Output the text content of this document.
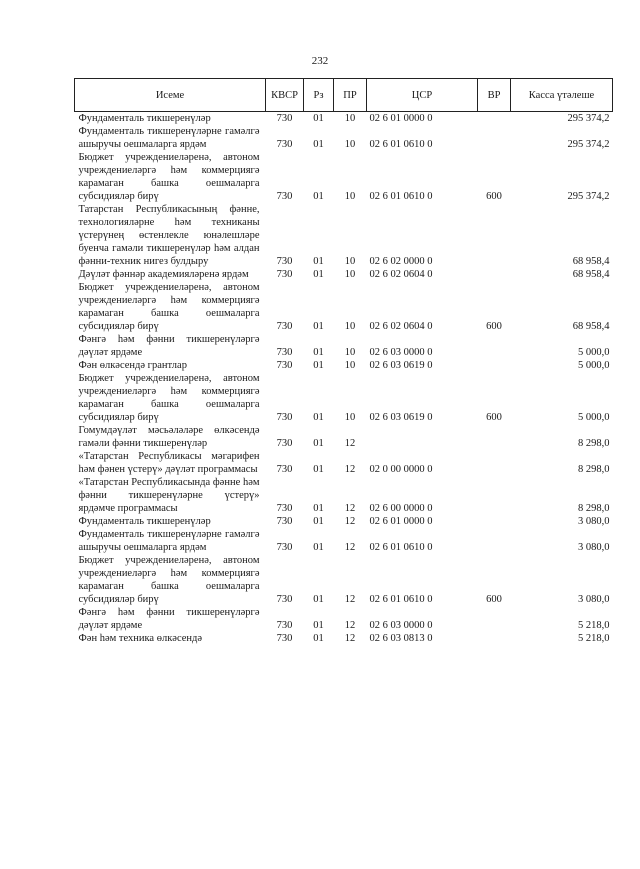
232
Исеме	КВСР	Рз	ПР	ЦСР	ВР	Касса үтәлеше
Фундаменталь тикшеренүләр	730	01	10	02 6 01 0000 0		295 374,2
Фундаменталь тикшеренүләрне гамәлгә ашыручы оешмаларга ярдәм	730	01	10	02 6 01 0610 0		295 374,2
Бюджет учреждениеләренә, автоном учреждениеләргә һәм коммерциягә карамаган башка оешмаларга субсидияләр бирү	730	01	10	02 6 01 0610 0	600	295 374,2
Татарстан Республикасының фәнне, технологияләрне һәм техниканы үстерүнең өстенлекле юнәлешләре буенча гамәли тикшеренүләр һәм алдан фәнни-техник нигез булдыру	730	01	10	02 6 02 0000 0		68 958,4
Дәүләт фәннәр академияләренә ярдәм	730	01	10	02 6 02 0604 0		68 958,4
Бюджет учреждениеләренә, автоном учреждениеләргә һәм коммерциягә карамаган башка оешмаларга субсидияләр бирү	730	01	10	02 6 02 0604 0	600	68 958,4
Фәнгә һәм фәнни тикшеренүләргә дәүләт ярдәме	730	01	10	02 6 03 0000 0		5 000,0
Фән өлкәсендә грантлар	730	01	10	02 6 03 0619 0		5 000,0
Бюджет учреждениеләренә, автоном учреждениеләргә һәм коммерциягә карамаган башка оешмаларга субсидияләр бирү	730	01	10	02 6 03 0619 0	600	5 000,0
Гомумдәүләт мәсьәләләре өлкәсендә гамәли фәнни тикшеренүләр	730	01	12			8 298,0
«Татарстан Республикасы мәгарифен һәм фәнен үстерү» дәүләт программасы	730	01	12	02 0 00 0000 0		8 298,0
«Татарстан Республикасында фәнне һәм фәнни тикшеренүләрне үстерү» ярдәмче программасы	730	01	12	02 6 00 0000 0		8 298,0
Фундаменталь тикшеренүләр	730	01	12	02 6 01 0000 0		3 080,0
Фундаменталь тикшеренүләрне гамәлгә ашыручы оешмаларга ярдәм	730	01	12	02 6 01 0610 0		3 080,0
Бюджет учреждениеләренә, автоном учреждениеләргә һәм коммерциягә карамаган башка оешмаларга субсидияләр бирү	730	01	12	02 6 01 0610 0	600	3 080,0
Фәнгә һәм фәнни тикшеренүләргә дәүләт ярдәме	730	01	12	02 6 03 0000 0		5 218,0
Фән һәм техника өлкәсендә	730	01	12	02 6 03 0813 0		5 218,0
